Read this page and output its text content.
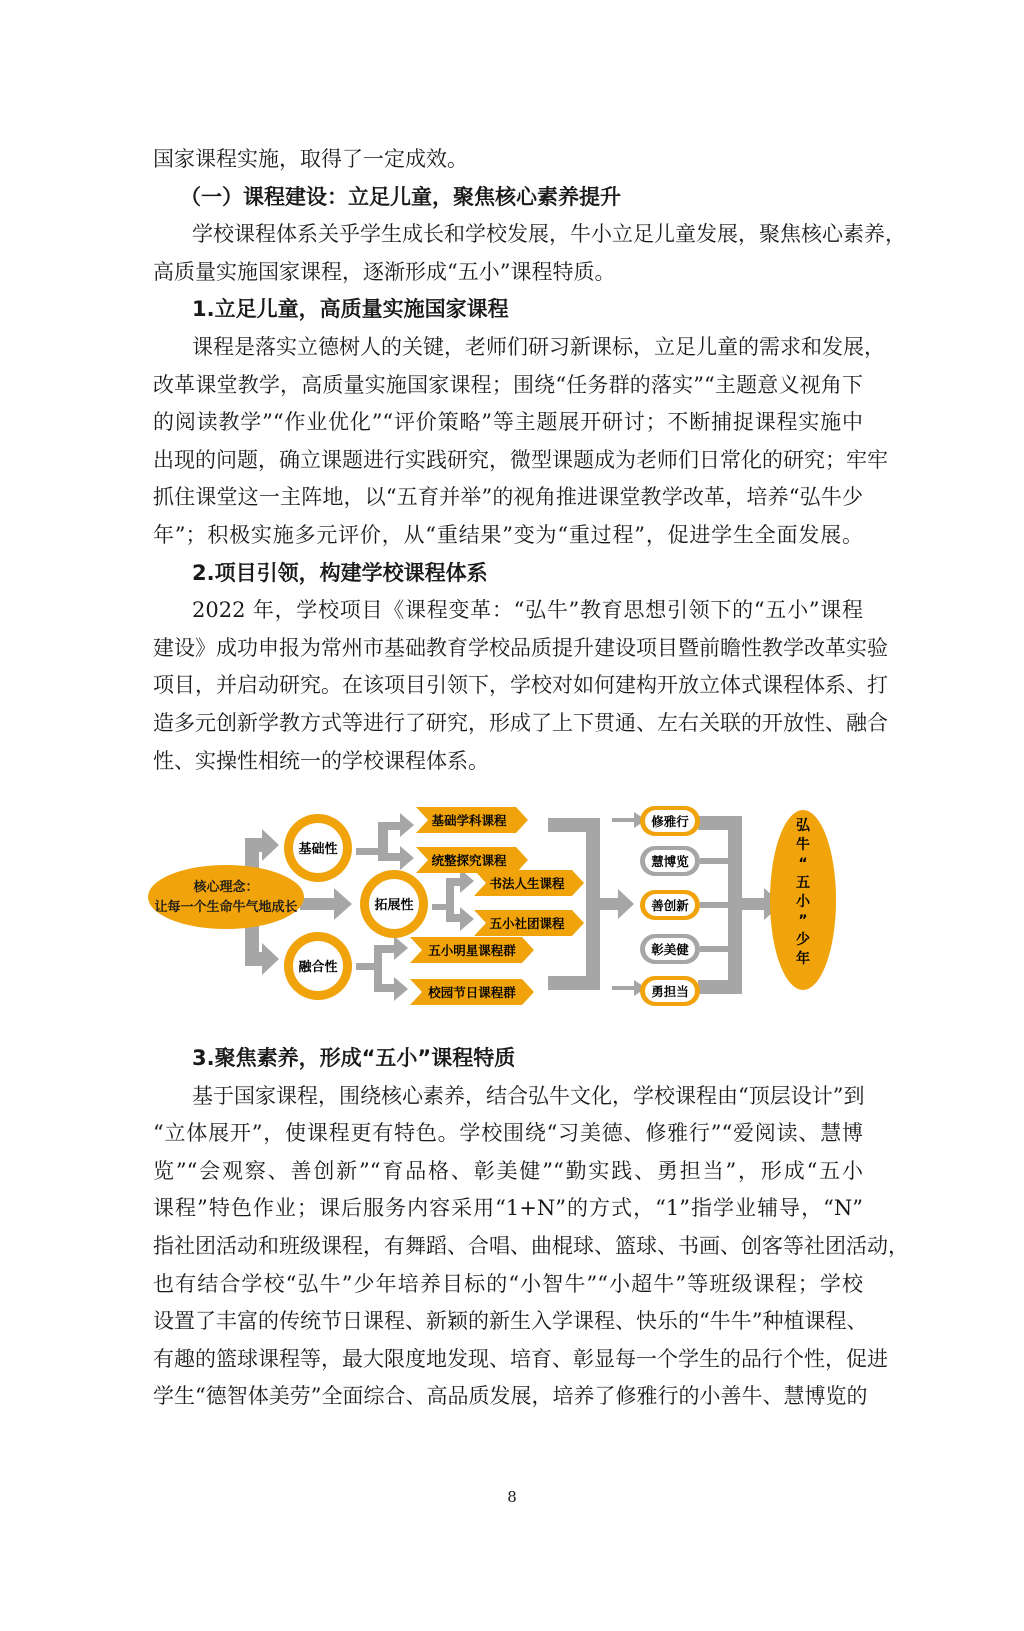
国家课程实施，取得了一定成效。
（一）课程建设：立足儿童，聚焦核心素养提升
学校课程体系关乎学生成长和学校发展，牛小立足儿童发展，聚焦核心素养，
高质量实施国家课程，逐渐形成“五小”课程特质。
1.立足儿童，高质量实施国家课程
课程是落实立德树人的关键，老师们研习新课标，立足儿童的需求和发展，
改革课堂教学，高质量实施国家课程；围绕“任务群的落实”“主题意义视角下
的阅读教学”“作业优化”“评价策略”等主题展开研讨；不断捕捉课程实施中
出现的问题，确立课题进行实践研究，微型课题成为老师们日常化的研究；牢牢
抓住课堂这一主阵地，以“五育并举”的视角推进课堂教学改革，培养“弘牛少
年”；积极实施多元评价，从“重结果”变为“重过程”，促进学生全面发展。
2.项目引领，构建学校课程体系
2022 年，学校项目《课程变革：“弘牛”教育思想引领下的“五小”课程
建设》成功申报为常州市基础教育学校品质提升建设项目暨前瞻性教学改革实验
项目，并启动研究。在该项目引领下，学校对如何建构开放立体式课程体系、打
造多元创新学教方式等进行了研究，形成了上下贯通、左右关联的开放性、融合
性、实操性相统一的学校课程体系。
核心理念：
让每一个生命牛气地成长
基础性
拓展性
融合性
基础学科课程
统整探究课程
书法人生课程
五小社团课程
五小明星课程群
校园节日课程群
修雅行
慧博览
善创新
彰美健
勇担当
弘
牛
“
五
小
”
少
年
3.聚焦素养，形成“五小”课程特质
基于国家课程，围绕核心素养，结合弘牛文化，学校课程由“顶层设计”到
“立体展开”，使课程更有特色。学校围绕“习美德、修雅行”“爱阅读、慧博
览”“会观察、善创新”“育品格、彰美健”“勤实践、勇担当”，形成“五小
课程”特色作业；课后服务内容采用“1+N”的方式，“1”指学业辅导，“N”
指社团活动和班级课程，有舞蹈、合唱、曲棍球、篮球、书画、创客等社团活动，
也有结合学校“弘牛”少年培养目标的“小智牛”“小超牛”等班级课程；学校
设置了丰富的传统节日课程、新颖的新生入学课程、快乐的“牛牛”种植课程、
有趣的篮球课程等，最大限度地发现、培育、彰显每一个学生的品行个性，促进
学生“德智体美劳”全面综合、高品质发展，培养了修雅行的小善牛、慧博览的
8
